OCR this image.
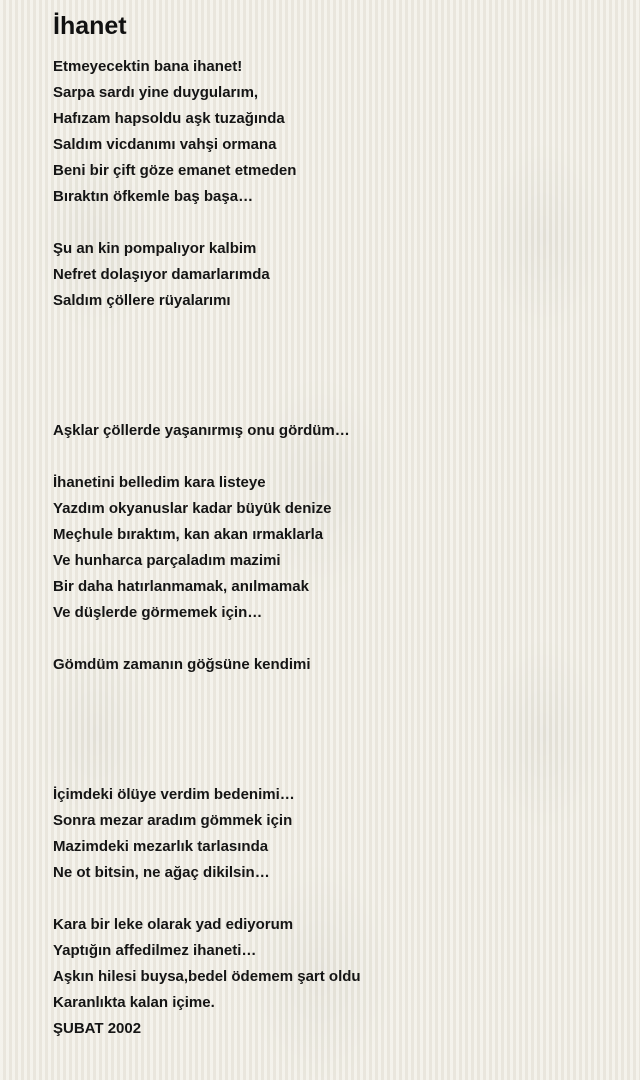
İhanet
Etmeyecektin bana ihanet!
Sarpa sardı yine duygularım,
Hafızam hapsoldu aşk tuzağında
Saldım vicdanımı vahşi ormana
Beni bir çift göze emanet etmeden
Bıraktın öfkemle baş başa…
Şu an kin pompalıyor kalbim
Nefret dolaşıyor damarlarımda
Saldım çöllere rüyalarımı
Aşklar çöllerde yaşanırmış onu gördüm…
İhanetini belledim kara listeye
Yazdım okyanuslar kadar büyük denize
Meçhule bıraktım, kan akan ırmaklarla
Ve hunharca parçaladım mazimi
Bir daha hatırlanmamak, anılmamak
Ve düşlerde görmemek için…
Gömdüm zamanın göğsüne kendimi
İçimdeki ölüye verdim bedenimi…
Sonra mezar aradım gömmek için
Mazimdeki mezarlık tarlasında
Ne ot bitsin, ne ağaç dikilsin…
Kara bir leke olarak yad ediyorum
Yaptığın affedilmez ihaneti…
Aşkın hilesi buysa,bedel ödemem şart oldu
Karanlıkta kalan içime.
ŞUBAT 2002
